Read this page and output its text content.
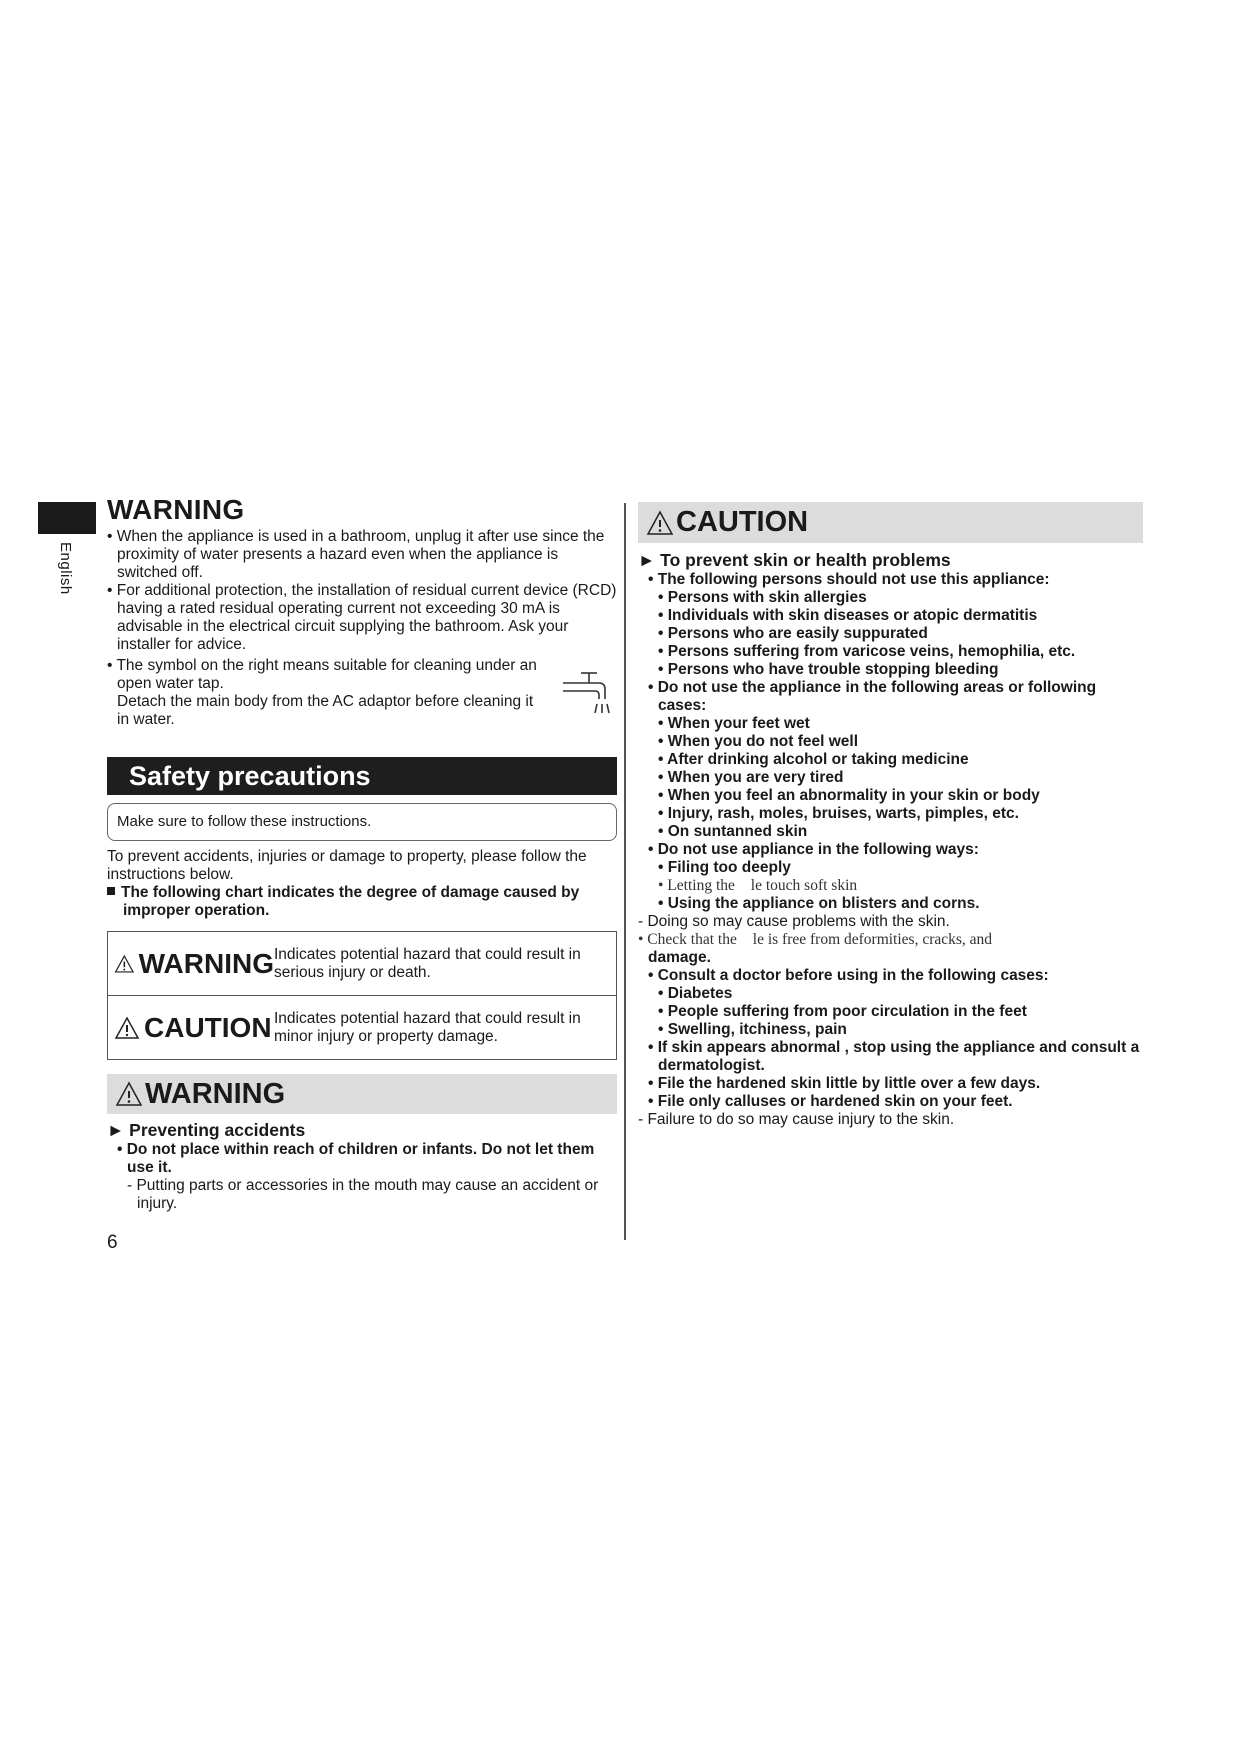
English
WARNING

• When the appliance is used in a bathroom, unplug it after use since the proximity of water presents a hazard even when the appliance is switched off.

• For additional protection, the installation of residual current device (RCD) having a rated residual operating current not exceeding 30 mA is advisable in the electrical circuit supplying the bathroom. Ask your installer for advice.

• The symbol on the right means suitable for cleaning under an open water tap.

Detach the main body from the AC adaptor before cleaning it in water.

Safety precautions
Make sure to follow these instructions.

To prevent accidents, injuries or damage to property, please follow the instructions below.

The following chart indicates the degree of damage caused by improper operation.

WARNING Indicates potential hazard that could result in serious injury or death.
CAUTION Indicates potential hazard that could result in minor injury or property damage.
WARNING
► Preventing accidents

• Do not place within reach of children or infants. Do not let them use it.

- Putting parts or accessories in the mouth may cause an accident or injury.

CAUTION
► To prevent skin or health problems

• The following persons should not use this appliance:

• Persons with skin allergies

• Individuals with skin diseases or atopic dermatitis

• Persons who are easily suppurated

• Persons suffering from varicose veins, hemophilia, etc.

• Persons who have trouble stopping bleeding

• Do not use the appliance in the following areas or following cases:

• When your feet wet

• When you do not feel well

• After drinking alcohol or taking medicine

• When you are very tired

• When you feel an abnormality in your skin or body

• Injury, rash, moles, bruises, warts, pimples, etc.

• On suntanned skin

• Do not use appliance in the following ways:

• Filing too deeply

• Letting the  le touch soft skin

• Using the appliance on blisters and corns.

- Doing so may cause problems with the skin.

• Check that the  le is free from deformities, cracks, and

damage.

• Consult a doctor before using in the following cases:

• Diabetes

• People suffering from poor circulation in the feet

• Swelling, itchiness, pain

• If skin appears abnormal , stop using the appliance and consult a dermatologist.

• File the hardened skin little by little over a few days.

• File only calluses or hardened skin on your feet.

- Failure to do so may cause injury to the skin.

6
